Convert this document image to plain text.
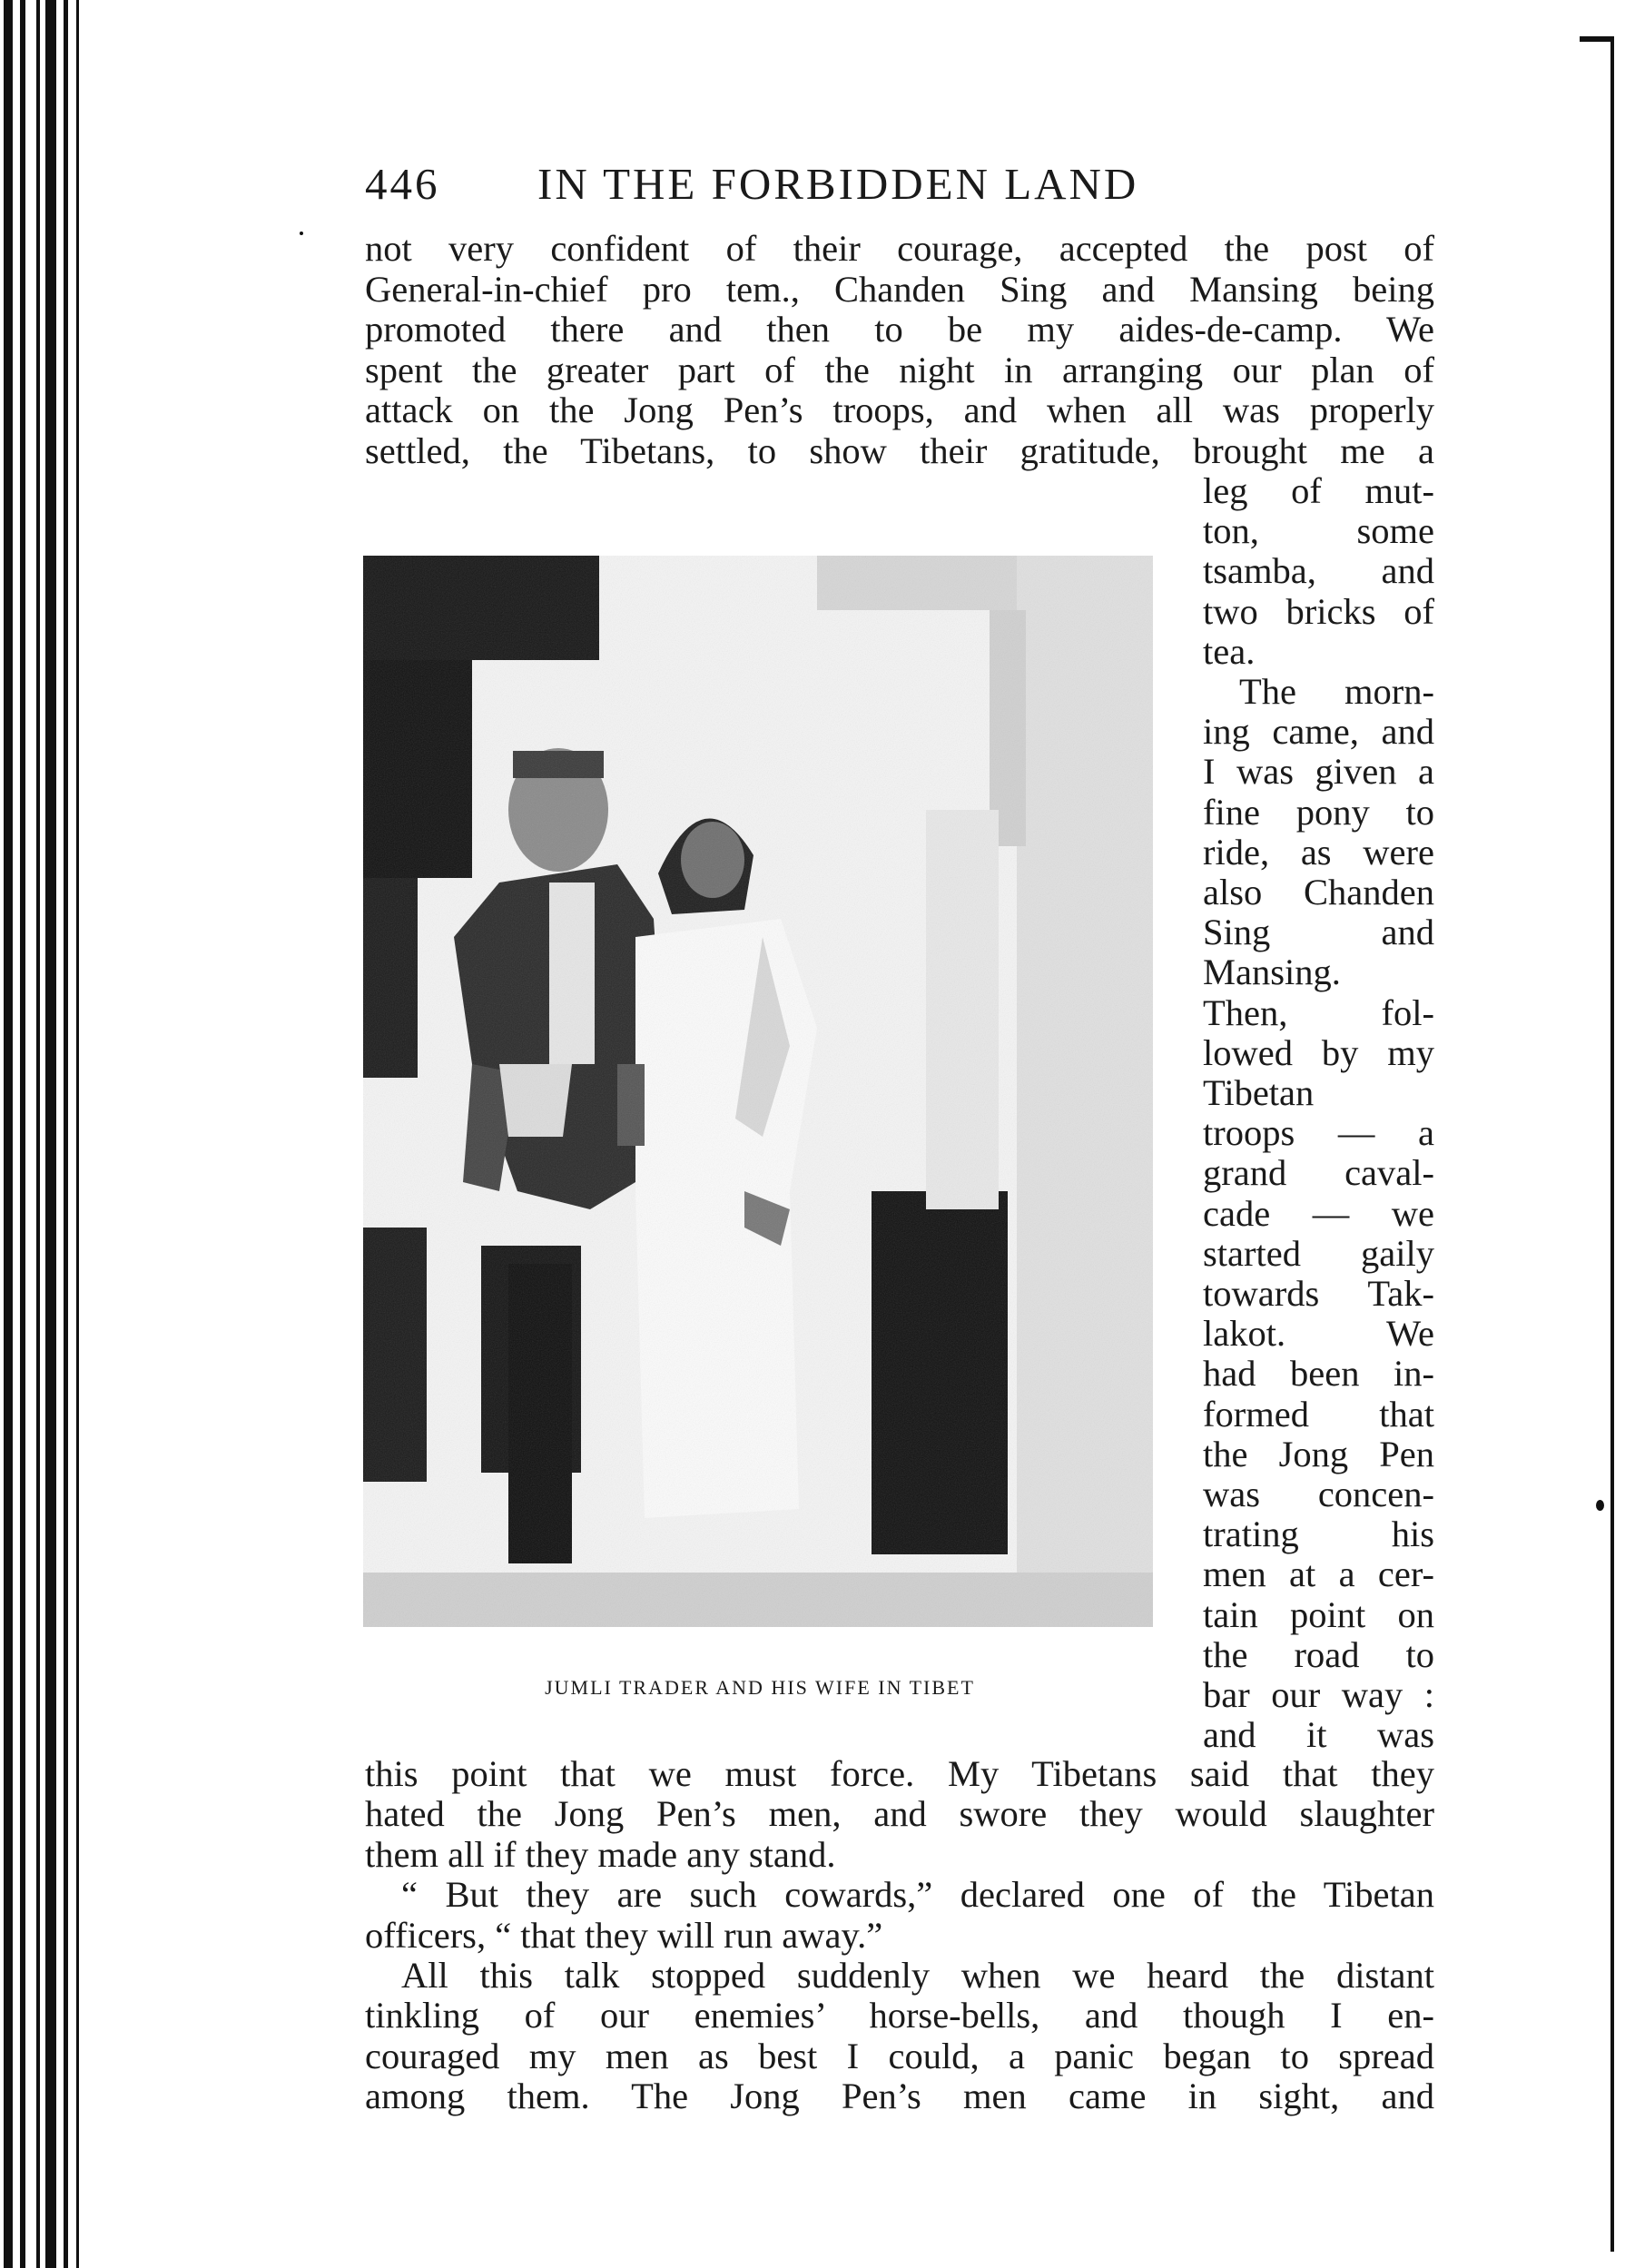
446 IN THE FORBIDDEN LAND
not very confident of their courage, accepted the post of
General-in-chief pro tem., Chanden Sing and Mansing being
promoted there and then to be my aides-de-camp. We
spent the greater part of the night in arranging our plan of
attack on the Jong Pen’s troops, and when all was properly
settled, the Tibetans, to show their gratitude, brought me a
JUMLI TRADER AND HIS WIFE IN TIBET
leg of mut-
ton, some
tsamba, and
two bricks of
tea.
The morn-
ing came, and
I was given a
fine pony to
ride, as were
also Chanden
Sing and
Mansing.
Then, fol-
lowed by my
Tibetan
troops — a
grand caval-
cade — we
started gaily
towards Tak-
lakot. We
had been in-
formed that
the Jong Pen
was concen-
trating his
men at a cer-
tain point on
the road to
bar our way :
and it was
this point that we must force. My Tibetans said that they
hated the Jong Pen’s men, and swore they would slaughter
them all if they made any stand.
“ But they are such cowards,” declared one of the Tibetan
officers, “ that they will run away.”
All this talk stopped suddenly when we heard the distant
tinkling of our enemies’ horse-bells, and though I en-
couraged my men as best I could, a panic began to spread
among them. The Jong Pen’s men came in sight, and
